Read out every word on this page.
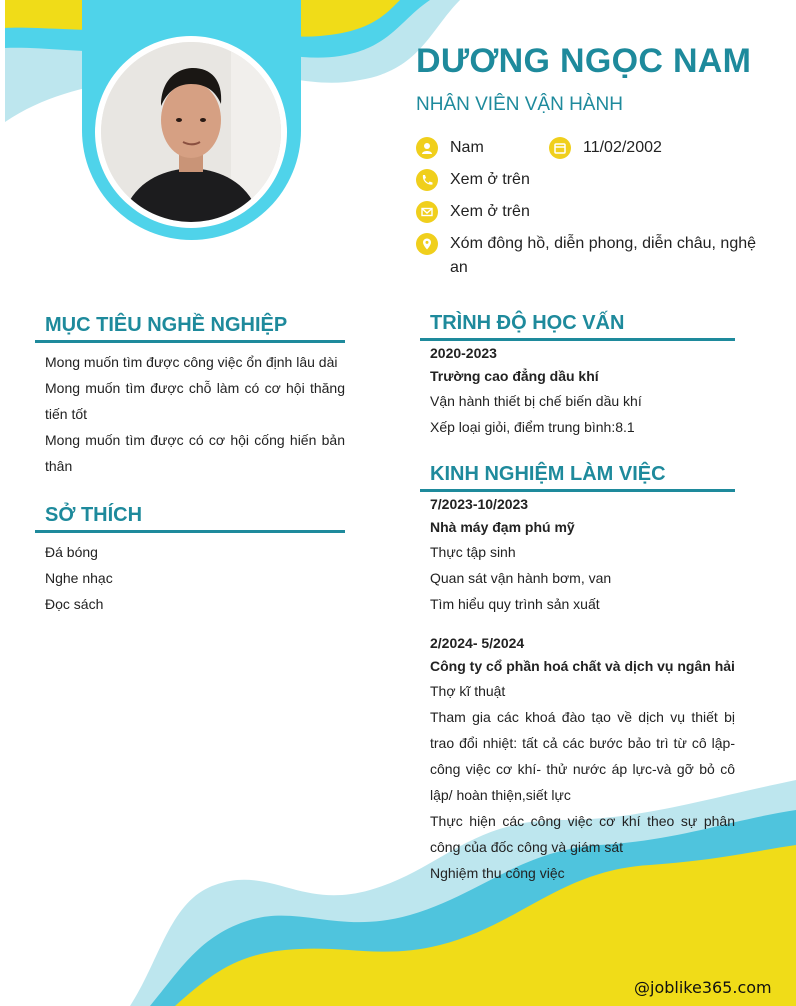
DƯƠNG NGỌC NAM
NHÂN VIÊN VẬN HÀNH
Nam	11/02/2002
Xem ở trên
Xem ở trên
Xóm đông hồ, diễn phong, diễn châu, nghệ an
MỤC TIÊU NGHỀ NGHIỆP
Mong muốn tìm được công việc ổn định lâu dài
Mong muốn tìm được chỗ làm có cơ hội thăng tiến tốt
Mong muốn tìm được có cơ hội cống hiến bản thân
SỞ THÍCH
Đá bóng
Nghe nhạc
Đọc sách
TRÌNH ĐỘ HỌC VẤN
2020-2023
Trường cao đẳng dầu khí
Vận hành thiết bị chế biến dầu khí
Xếp loại giỏi, điểm trung bình:8.1
KINH NGHIỆM LÀM VIỆC
7/2023-10/2023
Nhà máy đạm phú mỹ
Thực tập sinh
Quan sát vận hành bơm, van
Tìm hiểu quy trình sản xuất
2/2024- 5/2024
Công ty cổ phần hoá chất và dịch vụ ngân hải
Thợ kĩ thuật
Tham gia các khoá đào tạo về dịch vụ thiết bị trao đổi nhiệt: tất cả các bước bảo trì từ cô lập-công việc cơ khí- thử nước áp lực-và gỡ bỏ cô lập/ hoàn thiện,siết lực
Thực hiện các công việc cơ khí theo sự phân công của đốc công và giám sát
Nghiệm thu công việc
@joblike365.com
